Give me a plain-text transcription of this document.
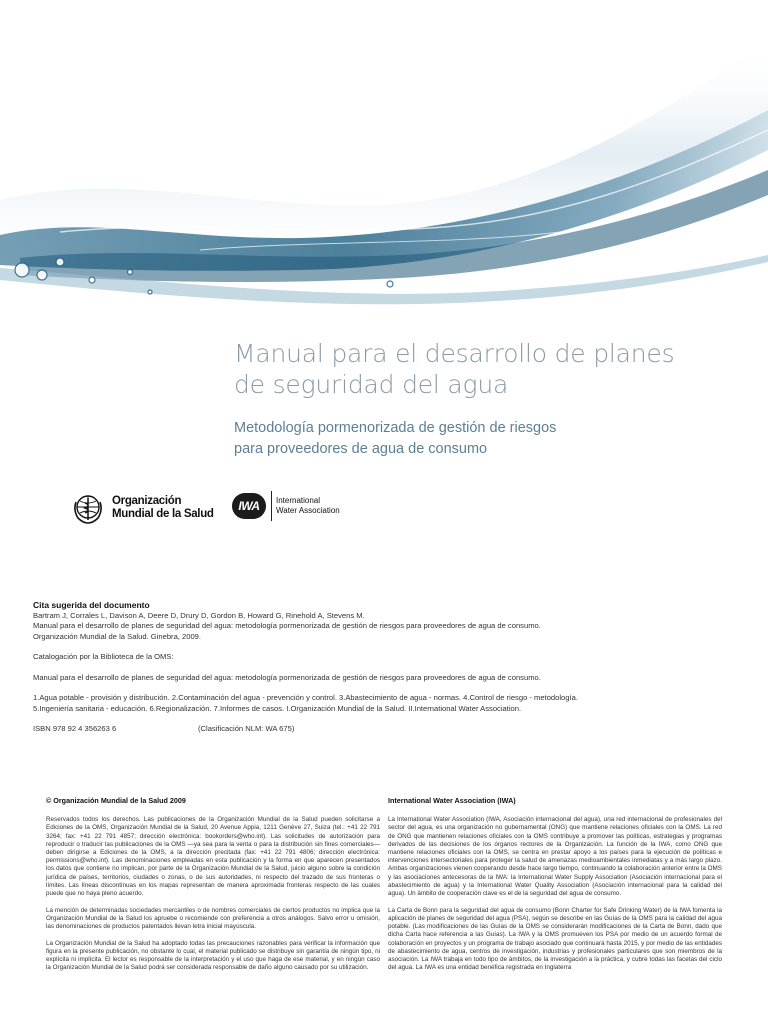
Manual para el desarrollo de planes
de seguridad del agua
Metodología pormenorizada de gestión de riesgos
para proveedores de agua de consumo
Organización
Mundial de la Salud
IWA International
Water Association

Cita sugerida del documento

Bartram J, Corrales L, Davison A, Deere D, Drury D, Gordon B, Howard G, Rinehold A, Stevens M.

Manual para el desarrollo de planes de seguridad del agua: metodología pormenorizada de gestión de riesgos para proveedores de agua de consumo.

Organización Mundial de la Salud. Ginebra, 2009.

Catalogación por la Biblioteca de la OMS:

Manual para el desarrollo de planes de seguridad del agua: metodología pormenorizada de gestión de riesgos para proveedores de agua de consumo.

1.Agua potable - provisión y distribución. 2.Contaminación del agua - prevención y control. 3.Abastecimiento de agua - normas. 4.Control de riesgo - metodología.

5.Ingeniería sanitaria - educación. 6.Regionalización. 7.Informes de casos. I.Organización Mundial de la Salud. II.International Water Association.

ISBN 978 92 4 356263 6	(Clasificación NLM: WA 675)

© Organización Mundial de la Salud 2009

Reservados todos los derechos. Las publicaciones de la Organización Mundial de la Salud pueden solicitarse a Ediciones de la OMS, Organización Mundial de la Salud, 20 Avenue Appia, 1211 Genève 27, Suiza (tel.: +41 22 791 3264; fax: +41 22 791 4857; dirección electrónica: bookorders@who.int). Las solicitudes de autorización para reproducir o traducir las publicaciones de la OMS —ya sea para la venta o para la distribución sin fines comerciales— deben dirigirse a Ediciones de la OMS, a la dirección precitada (fax: +41 22 791 4806; dirección electrónica: permissions@who.int). Las denominaciones empleadas en esta publicación y la forma en que aparecen presentados los datos que contiene no implican, por parte de la Organización Mundial de la Salud, juicio alguno sobre la condición jurídica de países, territorios, ciudades o zonas, o de sus autoridades, ni respecto del trazado de sus fronteras o límites. Las líneas discontinuas en los mapas representan de manera aproximada fronteras respecto de las cuales puede que no haya pleno acuerdo.

La mención de determinadas sociedades mercantiles o de nombres comerciales de ciertos productos no implica que la Organización Mundial de la Salud los apruebe o recomiende con preferencia a otros análogos. Salvo error u omisión, las denominaciones de productos patentados llevan letra inicial mayúscula.

La Organización Mundial de la Salud ha adoptado todas las precauciones razonables para verificar la información que figura en la presente publicación, no obstante lo cual, el material publicado se distribuye sin garantía de ningún tipo, ni explícita ni implícita. El lector es responsable de la interpretación y el uso que haga de ese material, y en ningún caso la Organización Mundial de la Salud podrá ser considerada responsable de daño alguno causado por su utilización.

International Water Association (IWA)

La International Water Association (IWA, Asociación internacional del agua), una red internacional de profesionales del sector del agua, es una organización no gubernamental (ONG) que mantiene relaciones oficiales con la OMS. La red de ONG que mantienen relaciones oficiales con la OMS contribuye a promover las políticas, estrategias y programas derivados de las decisiones de los órganos rectores de la Organización. La función de la IWA, como ONG que mantiene relaciones oficiales con la OMS, se centra en prestar apoyo a los países para la ejecución de políticas e intervenciones intersectoriales para proteger la salud de amenazas medioambientales inmediatas y a más largo plazo. Ambas organizaciones vienen cooperando desde hace largo tiempo, continuando la colaboración anterior entre la OMS y las asociaciones antecesoras de la IWA: la International Water Supply Association (Asociación internacional para el abastecimiento de agua) y la International Water Quality Association (Asociación internacional para la calidad del agua). Un ámbito de cooperación clave es el de la seguridad del agua de consumo.

La Carta de Bonn para la seguridad del agua de consumo (Bonn Charter for Safe Drinking Water) de la IWA fomenta la aplicación de planes de seguridad del agua (PSA), según se describe en las Guías de la OMS para la calidad del agua potable. (Las modificaciones de las Guías de la OMS se considerarán modificaciones de la Carta de Bonn, dado que dicha Carta hace referencia a las Guías). La IWA y la OMS promueven los PSA por medio de un acuerdo formal de colaboración en proyectos y un programa de trabajo asociado que continuará hasta 2015, y por medio de las entidades de abastecimiento de agua, centros de investigación, industrias y profesionales particulares que son miembros de la asociación. La IWA trabaja en todo tipo de ámbitos, de la investigación a la práctica, y cubre todas las facetas del ciclo del agua. La IWA es una entidad benéfica registrada en Inglaterra
